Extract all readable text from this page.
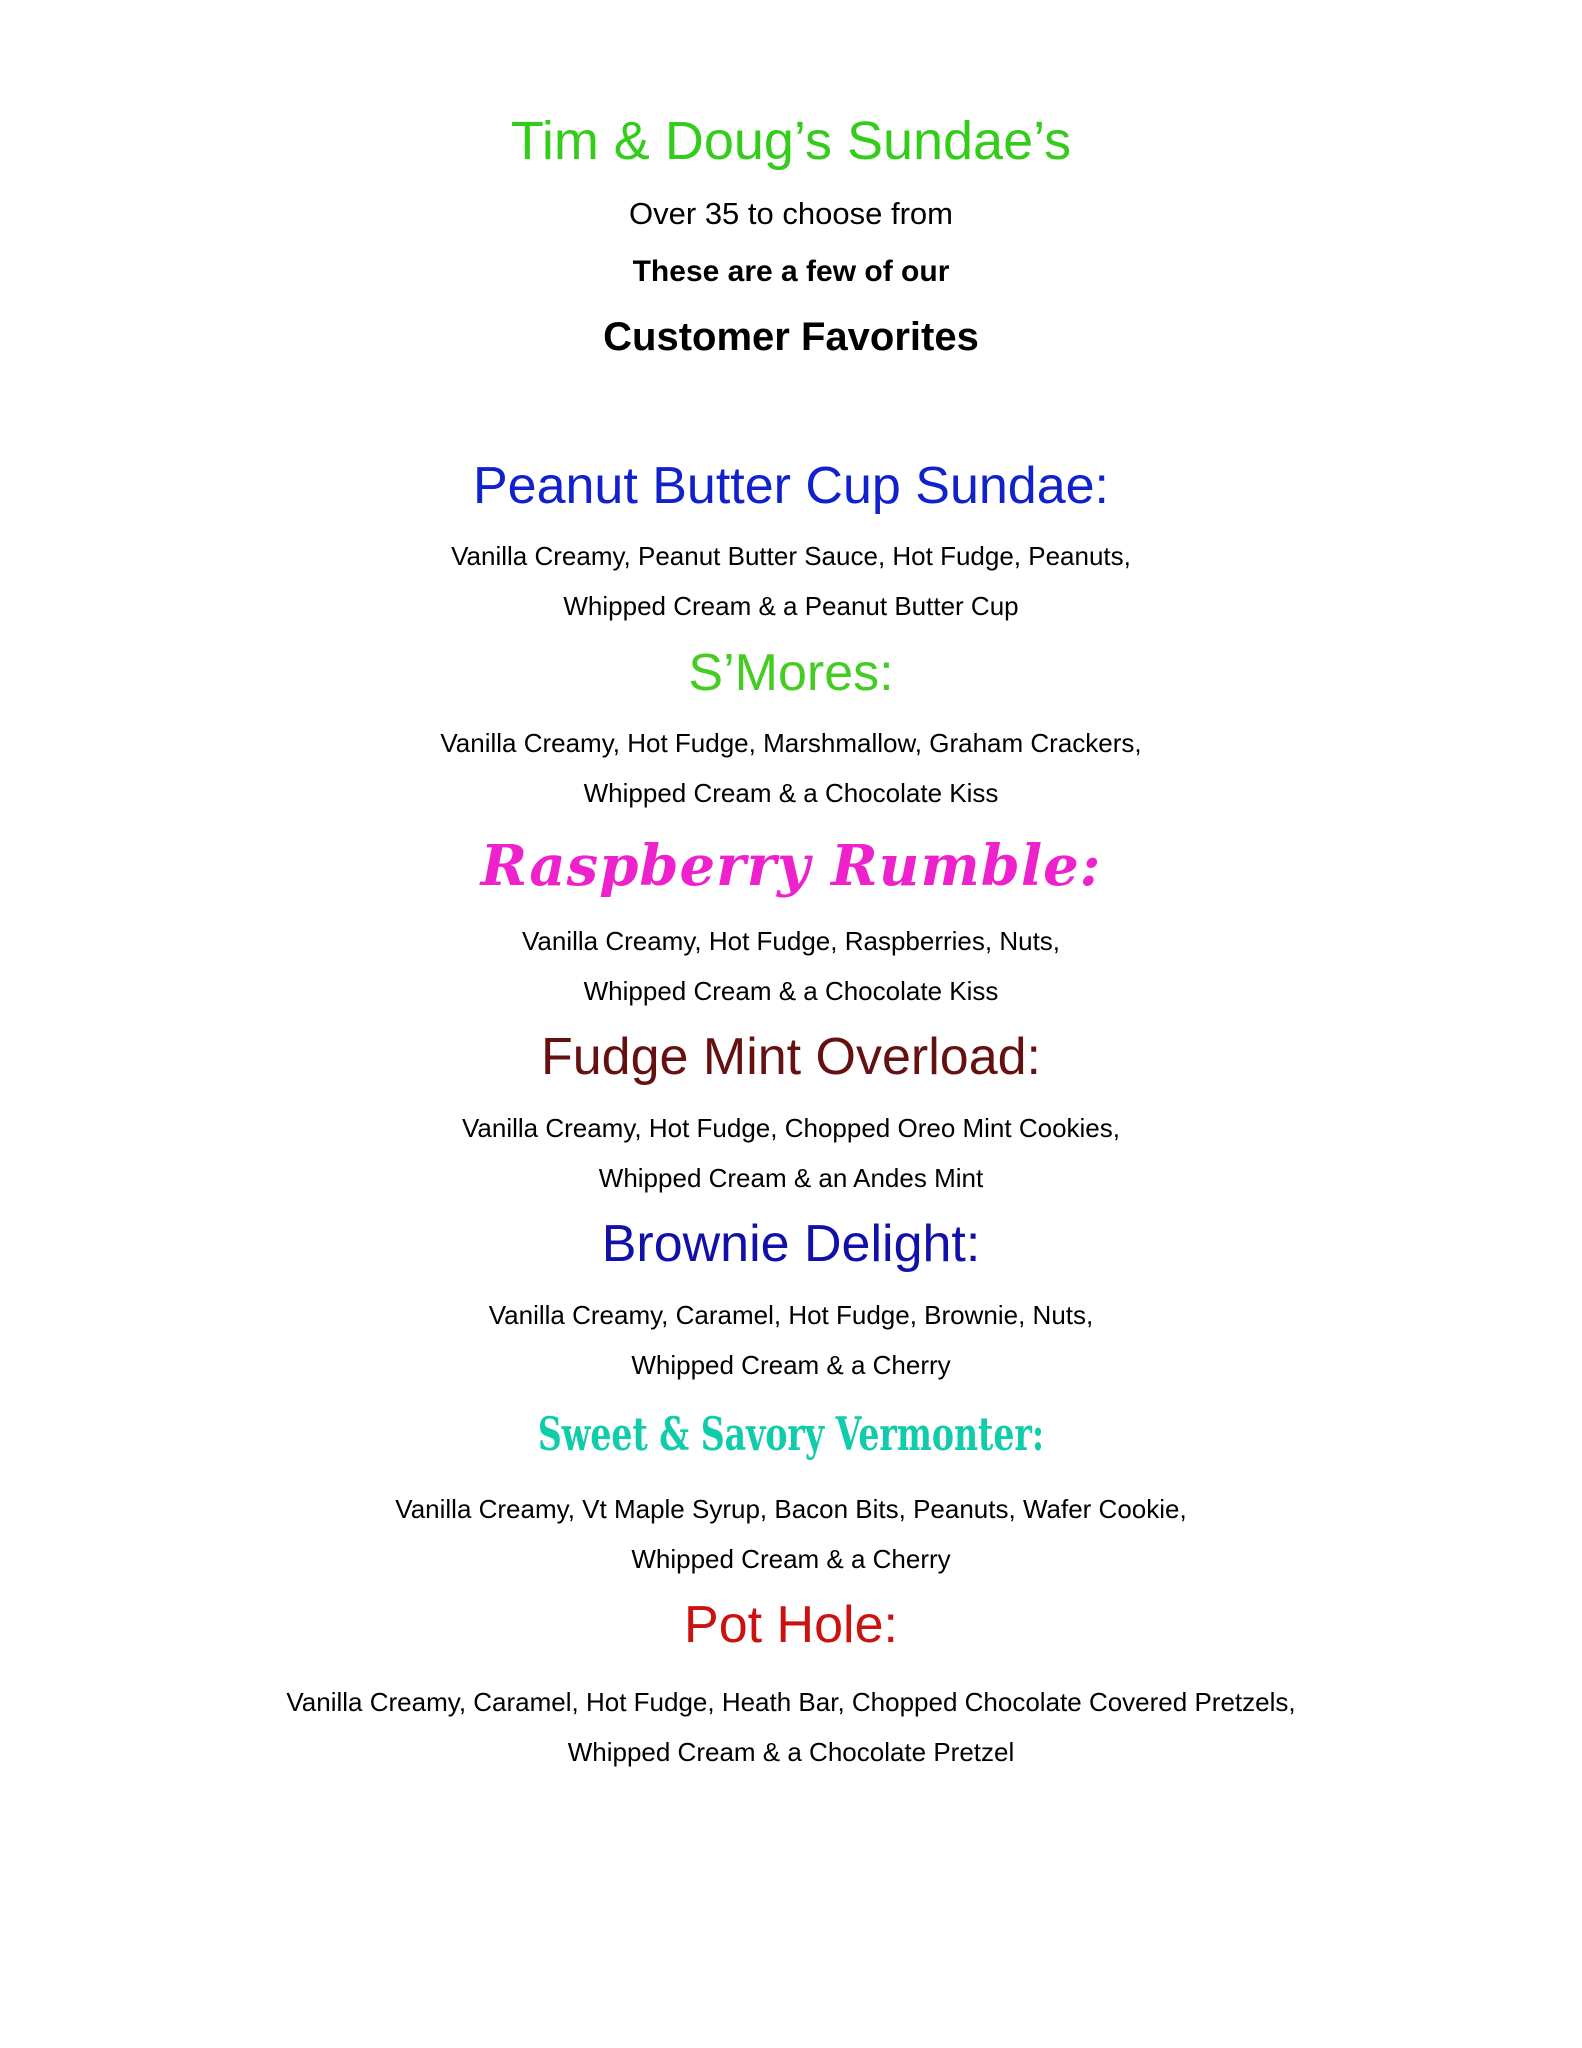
Tim & Doug’s Sundae’s

Over 35 to choose from

These are a few of our

Customer Favorites

Peanut Butter Cup Sundae:

Vanilla Creamy, Peanut Butter Sauce, Hot Fudge, Peanuts,

Whipped Cream & a Peanut Butter Cup

S’Mores:

Vanilla Creamy, Hot Fudge, Marshmallow, Graham Crackers,

Whipped Cream & a Chocolate Kiss

Raspberry Rumble:

Vanilla Creamy, Hot Fudge, Raspberries, Nuts,

Whipped Cream & a Chocolate Kiss

Fudge Mint Overload:

Vanilla Creamy, Hot Fudge, Chopped Oreo Mint Cookies,

Whipped Cream & an Andes Mint

Brownie Delight:

Vanilla Creamy, Caramel, Hot Fudge, Brownie, Nuts,

Whipped Cream & a Cherry

Sweet & Savory Vermonter:

Vanilla Creamy, Vt Maple Syrup, Bacon Bits, Peanuts, Wafer Cookie,

Whipped Cream & a Cherry

Pot Hole:

Vanilla Creamy, Caramel, Hot Fudge, Heath Bar, Chopped Chocolate Covered Pretzels,

Whipped Cream & a Chocolate Pretzel
